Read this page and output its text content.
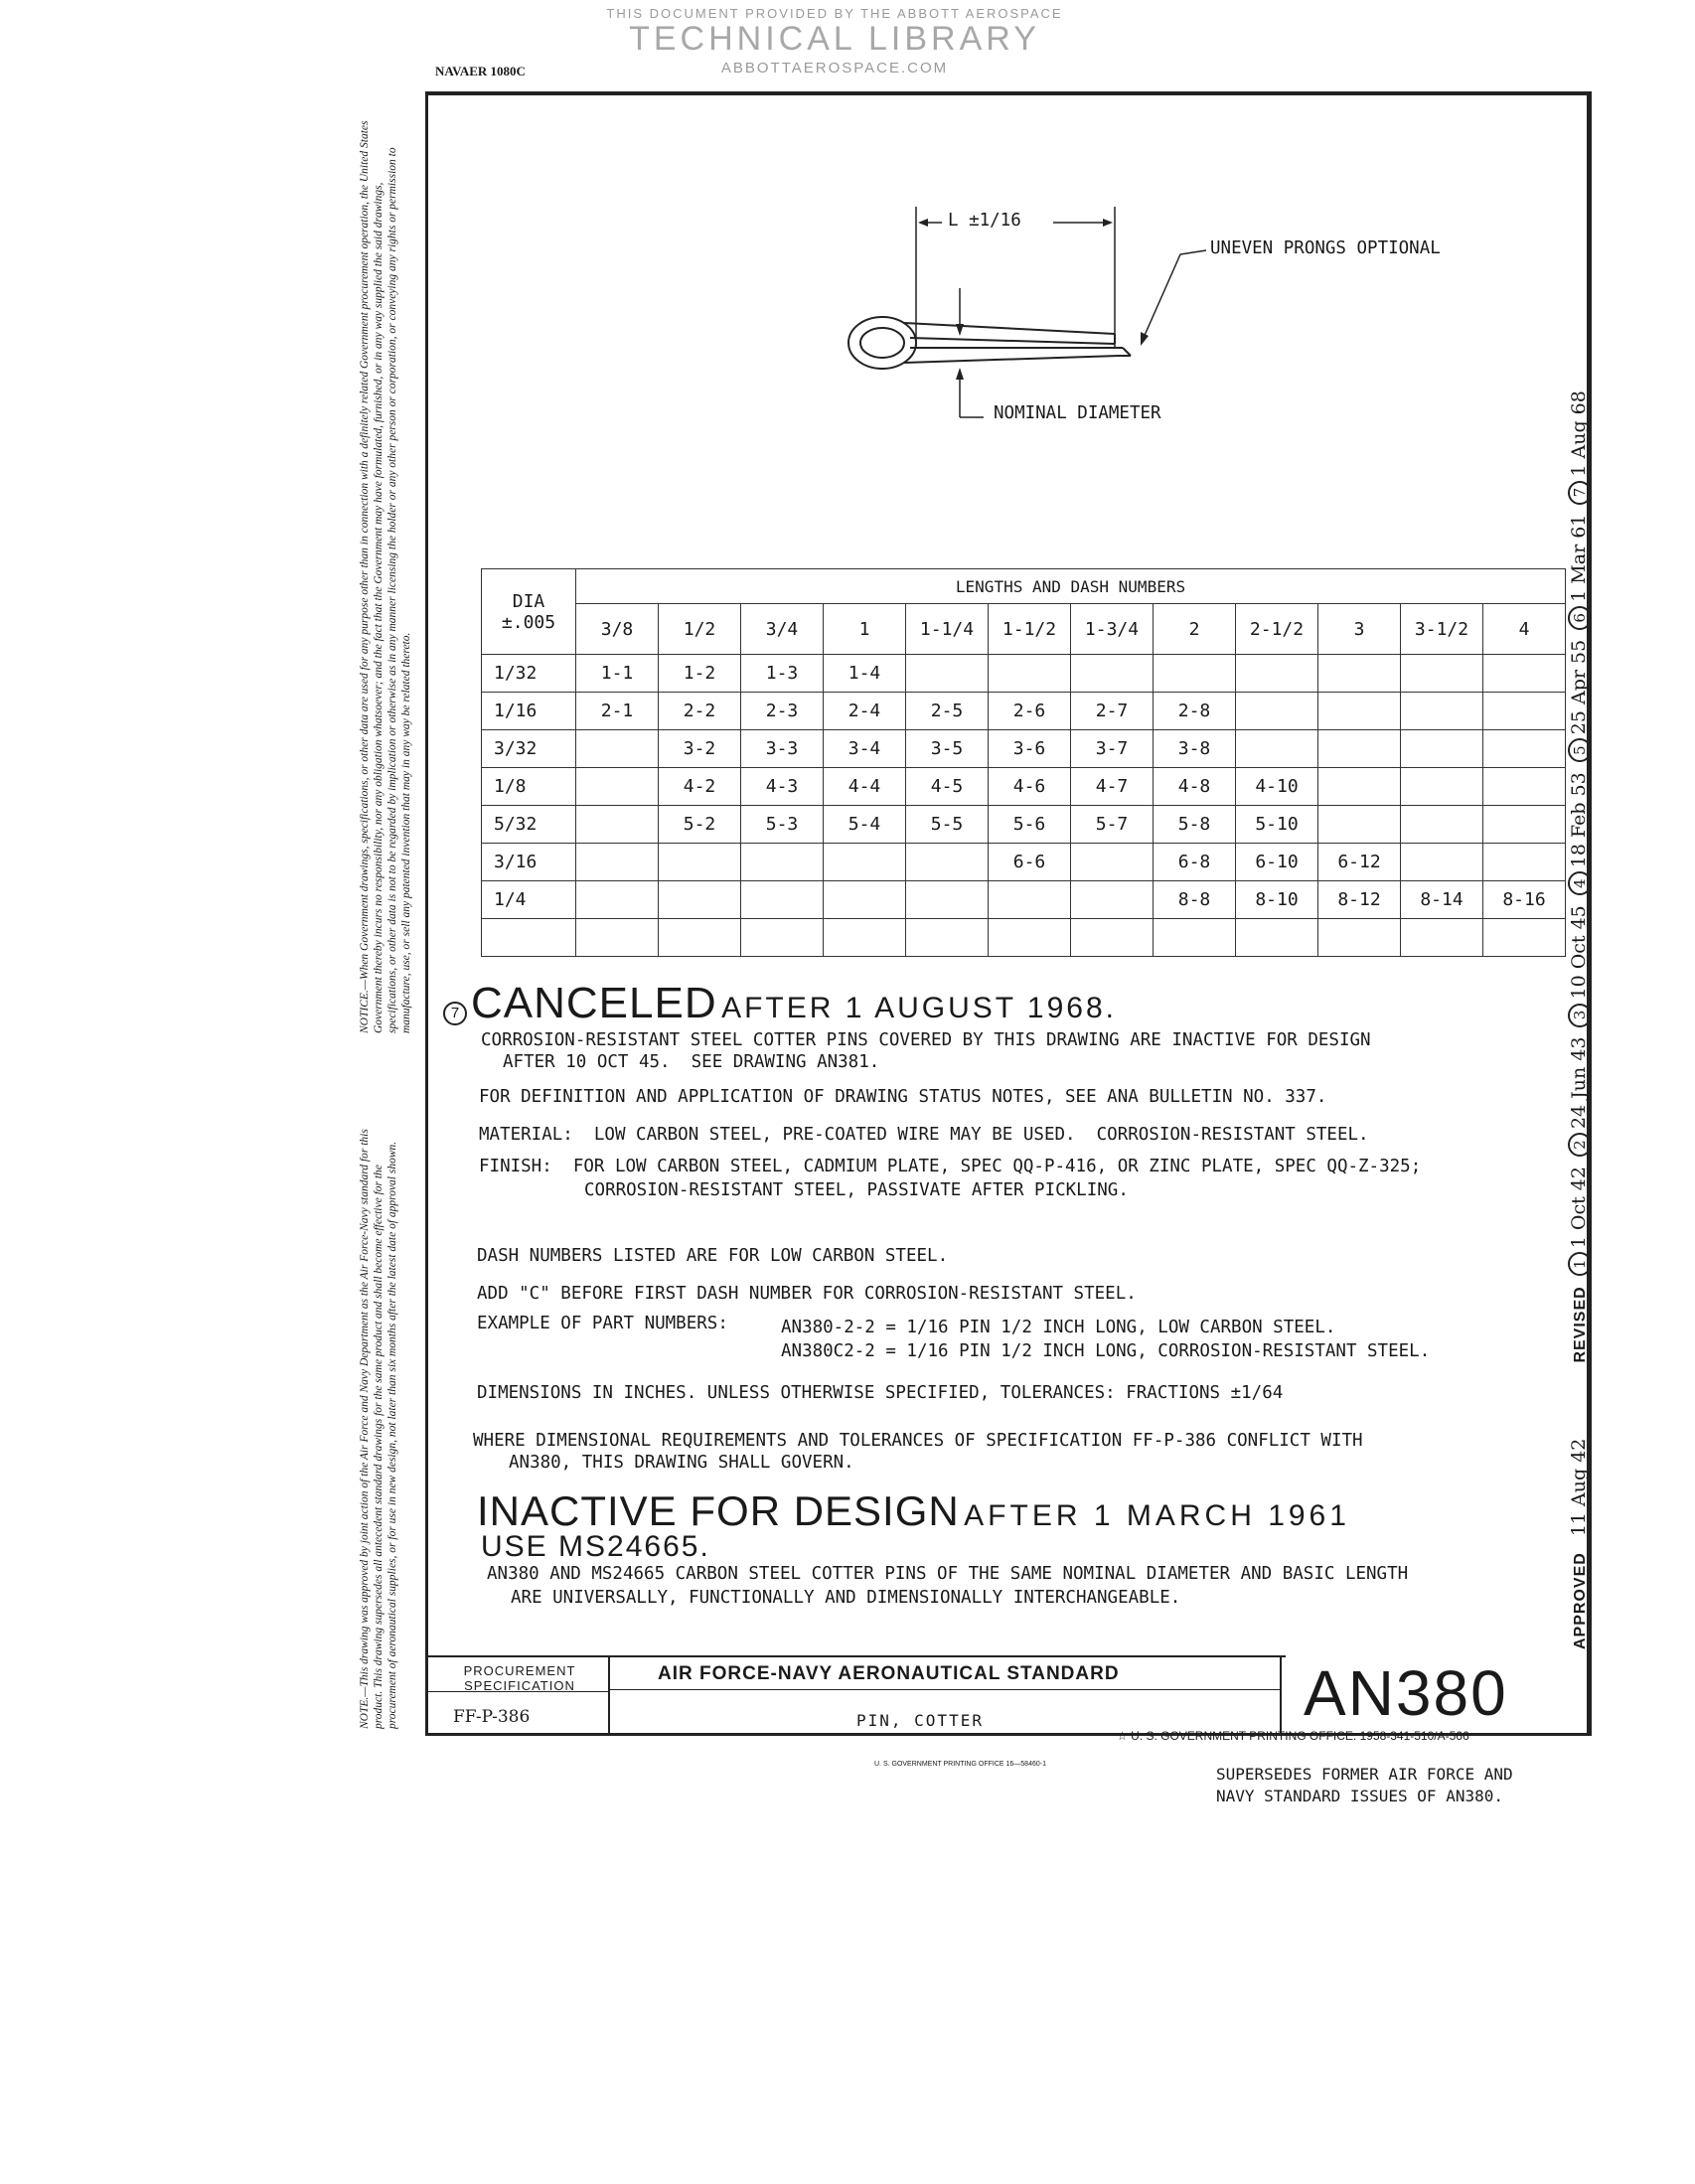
THIS DOCUMENT PROVIDED BY THE ABBOTT AEROSPACE
TECHNICAL LIBRARY
ABBOTTAEROSPACE.COM
NAVAER 1080C
NOTICE.—When Government drawings, specifications, or other data are used for any purpose other than in connection with a definitely related Government procurement operation, the United States Government thereby incurs no responsibility, nor any obligation whatsoever; and the fact that the Government may have formulated, furnished, or in any way supplied the said drawings, specifications, or other data is not to be regarded by implication or otherwise as in any manner licensing the holder or any other person or corporation, or conveying any rights or permission to manufacture, use, or sell any patented invention that may in any way be related thereto.
NOTE.—This drawing was approved by joint action of the Air Force and Navy Department as the Air Force-Navy standard for this product. This drawing supersedes all antecedent standard drawings for the same product and shall become effective for the procurement of aeronautical supplies, or for use in new design, not later than six months after the latest date of approval shown.
L ±1/16
UNEVEN PRONGS OPTIONAL
NOMINAL DIAMETER
DIA
±.005	LENGTHS AND DASH NUMBERS											
	3/8	1/2	3/4	1	1-1/4	1-1/2	1-3/4	2	2-1/2	3	3-1/2	4
1/32	1-1	1-2	1-3	1-4								
1/16	2-1	2-2	2-3	2-4	2-5	2-6	2-7	2-8				
3/32		3-2	3-3	3-4	3-5	3-6	3-7	3-8				
1/8		4-2	4-3	4-4	4-5	4-6	4-7	4-8	4-10			
5/32		5-2	5-3	5-4	5-5	5-6	5-7	5-8	5-10			
3/16						6-6		6-8	6-10	6-12		
1/4								8-8	8-10	8-12	8-14	8-16

7 CANCELED AFTER 1 AUGUST 1968.
CORROSION-RESISTANT STEEL COTTER PINS COVERED BY THIS DRAWING ARE INACTIVE FOR DESIGN
AFTER 10 OCT 45.  SEE DRAWING AN381.
FOR DEFINITION AND APPLICATION OF DRAWING STATUS NOTES, SEE ANA BULLETIN NO. 337.
MATERIAL:  LOW CARBON STEEL, PRE-COATED WIRE MAY BE USED.  CORROSION-RESISTANT STEEL.
FINISH:  FOR LOW CARBON STEEL, CADMIUM PLATE, SPEC QQ-P-416, OR ZINC PLATE, SPEC QQ-Z-325;
CORROSION-RESISTANT STEEL, PASSIVATE AFTER PICKLING.
DASH NUMBERS LISTED ARE FOR LOW CARBON STEEL.
ADD "C" BEFORE FIRST DASH NUMBER FOR CORROSION-RESISTANT STEEL.
EXAMPLE OF PART NUMBERS:	AN380-2-2 = 1/16 PIN 1/2 INCH LONG, LOW CARBON STEEL.
AN380C2-2 = 1/16 PIN 1/2 INCH LONG, CORROSION-RESISTANT STEEL.
DIMENSIONS IN INCHES. UNLESS OTHERWISE SPECIFIED, TOLERANCES: FRACTIONS ±1/64
WHERE DIMENSIONAL REQUIREMENTS AND TOLERANCES OF SPECIFICATION FF-P-386 CONFLICT WITH
AN380, THIS DRAWING SHALL GOVERN.
INACTIVE FOR DESIGN AFTER 1 MARCH 1961
USE MS24665.
AN380 AND MS24665 CARBON STEEL COTTER PINS OF THE SAME NOMINAL DIAMETER AND BASIC LENGTH
ARE UNIVERSALLY, FUNCTIONALLY AND DIMENSIONALLY INTERCHANGEABLE.
PROCUREMENT
SPECIFICATION
FF-P-386
AIR FORCE-NAVY AERONAUTICAL STANDARD
PIN, COTTER	AN380
☆ U. S. GOVERNMENT PRINTING OFFICE: 1958-341-510/A-566
U. S. GOVERNMENT PRINTING OFFICE 16—58460-1
SUPERSEDES FORMER AIR FORCE AND
NAVY STANDARD ISSUES OF AN380.
APPROVED 11 Aug 42 REVISED 11 Oct 42224 Jun 43310 Oct 45418 Feb 53525 Apr 5561 Mar 6171 Aug 68
